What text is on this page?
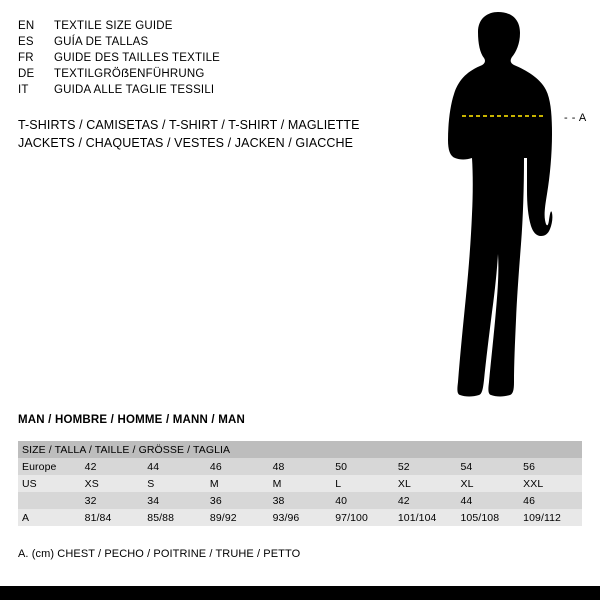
EN	TEXTILE SIZE GUIDE
ES	GUÍA DE TALLAS
FR	GUIDE DES TAILLES TEXTILE
DE	TEXTILGRÖẞENFÜHRUNG
IT	GUIDA ALLE TAGLIE TESSILI
T-SHIRTS / CAMISETAS / T-SHIRT / T-SHIRT / MAGLIETTE
JACKETS / CHAQUETAS / VESTES / JACKEN / GIACCHE
- - A
MAN / HOMBRE / HOMME / MANN / MAN
SIZE / TALLA / TAILLE / GRÖSSE / TAGLIA								
Europe	42	44	46	48	50	52	54	56
US	XS	S	M	M	L	XL	XL	XXL
	32	34	36	38	40	42	44	46
A	81/84	85/88	89/92	93/96	97/100	101/104	105/108	109/112
A. (cm) CHEST / PECHO / POITRINE / TRUHE / PETTO
